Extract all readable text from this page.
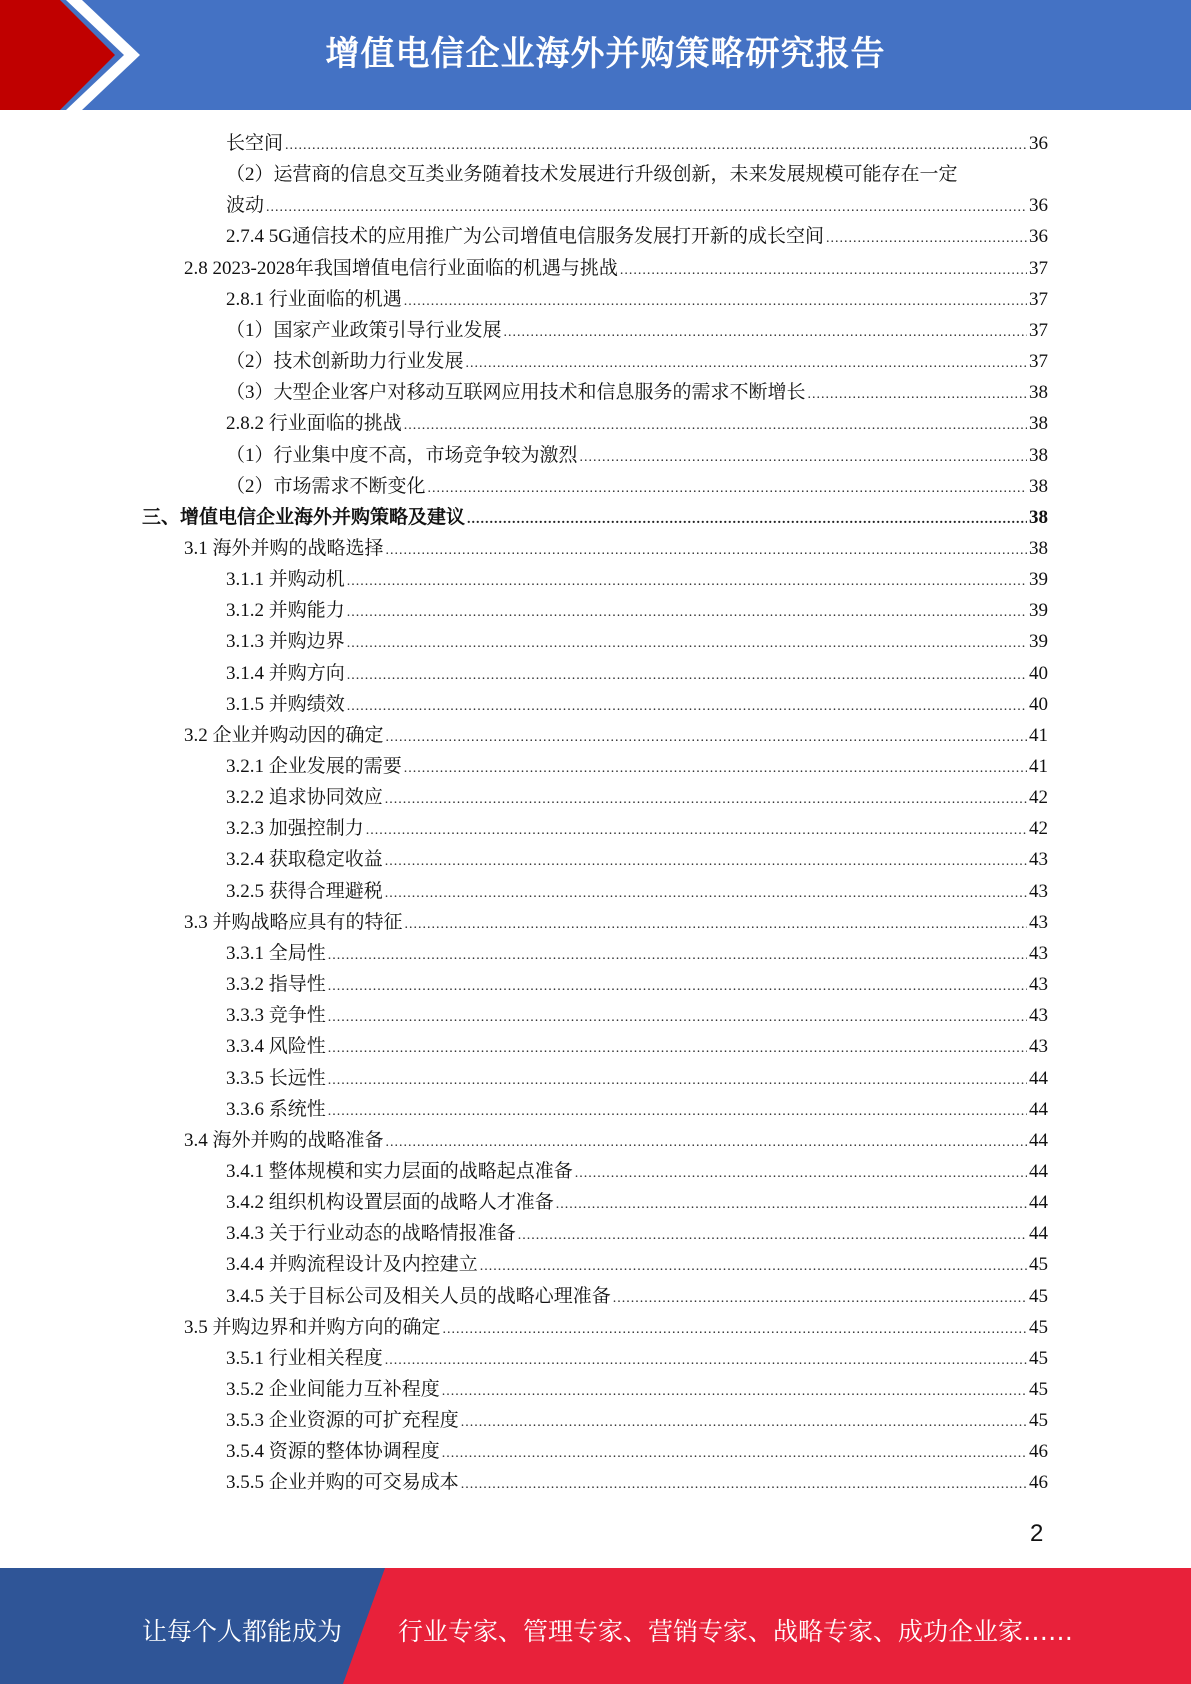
增值电信企业海外并购策略研究报告
长空间 .....	36
（2）运营商的信息交互类业务随着技术发展进行升级创新，未来发展规模可能存在一定
波动 .....	36
2.7.4 5G通信技术的应用推广为公司增值电信服务发展打开新的成长空间 .....	36
2.8 2023-2028年我国增值电信行业面临的机遇与挑战 .....	37
2.8.1 行业面临的机遇 .....	37
（1）国家产业政策引导行业发展 .....	37
（2）技术创新助力行业发展 .....	37
（3）大型企业客户对移动互联网应用技术和信息服务的需求不断增长 .....	38
2.8.2 行业面临的挑战 .....	38
（1）行业集中度不高，市场竞争较为激烈 .....	38
（2）市场需求不断变化 .....	38
三、增值电信企业海外并购策略及建议 .....	38
3.1 海外并购的战略选择 .....	38
3.1.1 并购动机 .....	39
3.1.2 并购能力 .....	39
3.1.3 并购边界 .....	39
3.1.4 并购方向 .....	40
3.1.5 并购绩效 .....	40
3.2 企业并购动因的确定 .....	41
3.2.1 企业发展的需要 .....	41
3.2.2 追求协同效应 .....	42
3.2.3 加强控制力 .....	42
3.2.4 获取稳定收益 .....	43
3.2.5 获得合理避税 .....	43
3.3 并购战略应具有的特征 .....	43
3.3.1 全局性 .....	43
3.3.2 指导性 .....	43
3.3.3 竞争性 .....	43
3.3.4 风险性 .....	43
3.3.5 长远性 .....	44
3.3.6 系统性 .....	44
3.4 海外并购的战略准备 .....	44
3.4.1 整体规模和实力层面的战略起点准备 .....	44
3.4.2 组织机构设置层面的战略人才准备 .....	44
3.4.3 关于行业动态的战略情报准备 .....	44
3.4.4 并购流程设计及内控建立 .....	45
3.4.5 关于目标公司及相关人员的战略心理准备 .....	45
3.5 并购边界和并购方向的确定 .....	45
3.5.1 行业相关程度 .....	45
3.5.2 企业间能力互补程度 .....	45
3.5.3 企业资源的可扩充程度 .....	45
3.5.4 资源的整体协调程度 .....	46
3.5.5 企业并购的可交易成本 .....	46
2
让每个人都能成为 行业专家、管理专家、营销专家、战略专家、成功企业家……
